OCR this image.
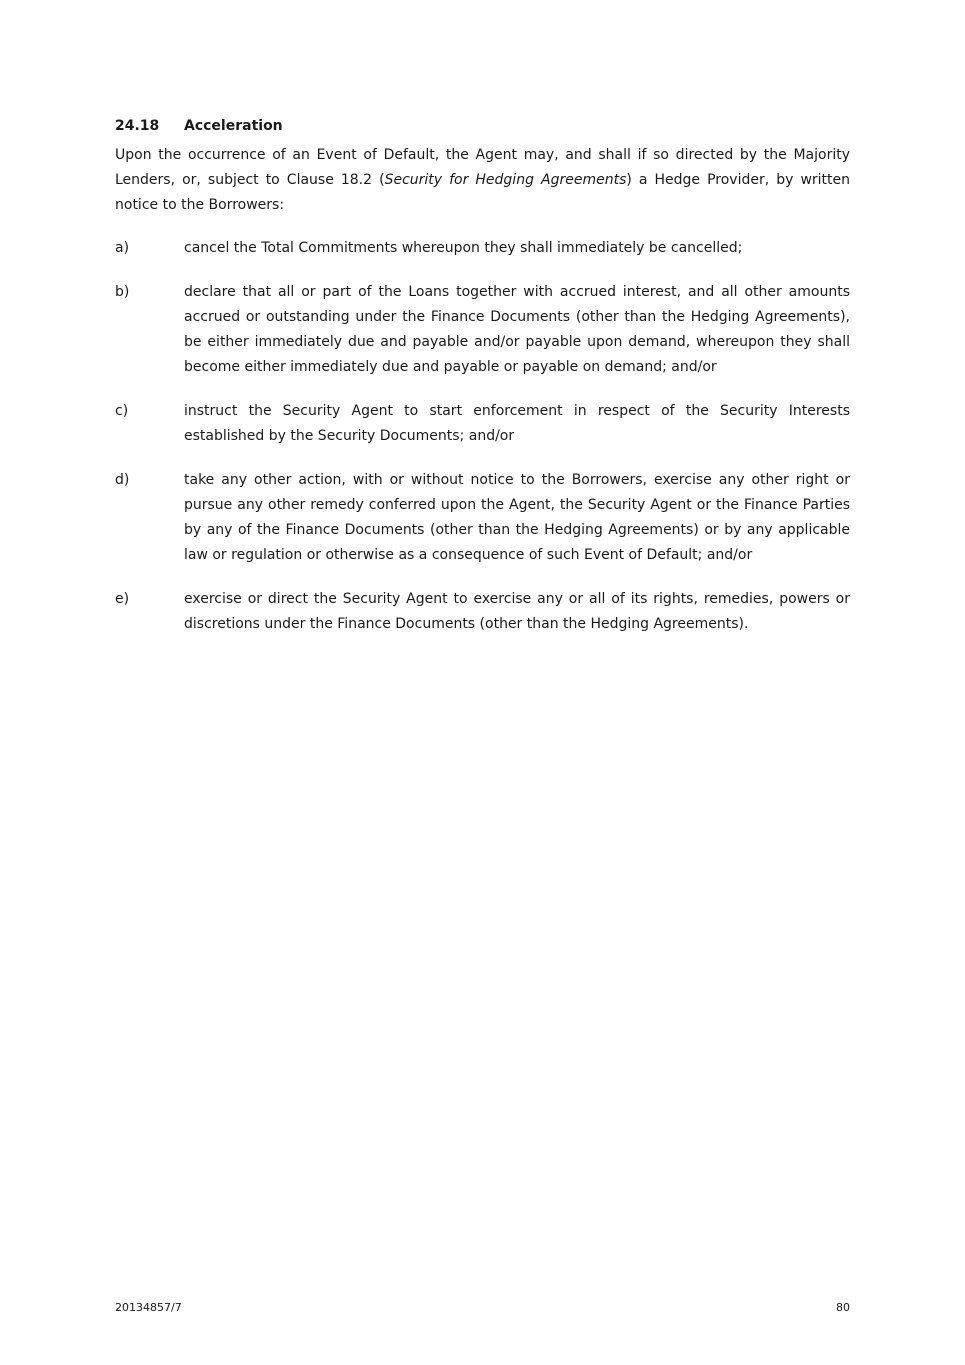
24.18 Acceleration

Upon the occurrence of an Event of Default, the Agent may, and shall if so directed by the Majority Lenders, or, subject to Clause 18.2 (Security for Hedging Agreements) a Hedge Provider, by written notice to the Borrowers:

a)	cancel the Total Commitments whereupon they shall immediately be cancelled;
b)	declare that all or part of the Loans together with accrued interest, and all other amounts accrued or outstanding under the Finance Documents (other than the Hedging Agreements), be either immediately due and payable and/or payable upon demand, whereupon they shall become either immediately due and payable or payable on demand; and/or
c)	instruct the Security Agent to start enforcement in respect of the Security Interests established by the Security Documents; and/or
d)	take any other action, with or without notice to the Borrowers, exercise any other right or pursue any other remedy conferred upon the Agent, the Security Agent or the Finance Parties by any of the Finance Documents (other than the Hedging Agreements) or by any applicable law or regulation or otherwise as a consequence of such Event of Default; and/or
e)	exercise or direct the Security Agent to exercise any or all of its rights, remedies, powers or discretions under the Finance Documents (other than the Hedging Agreements).
20134857/7	80
